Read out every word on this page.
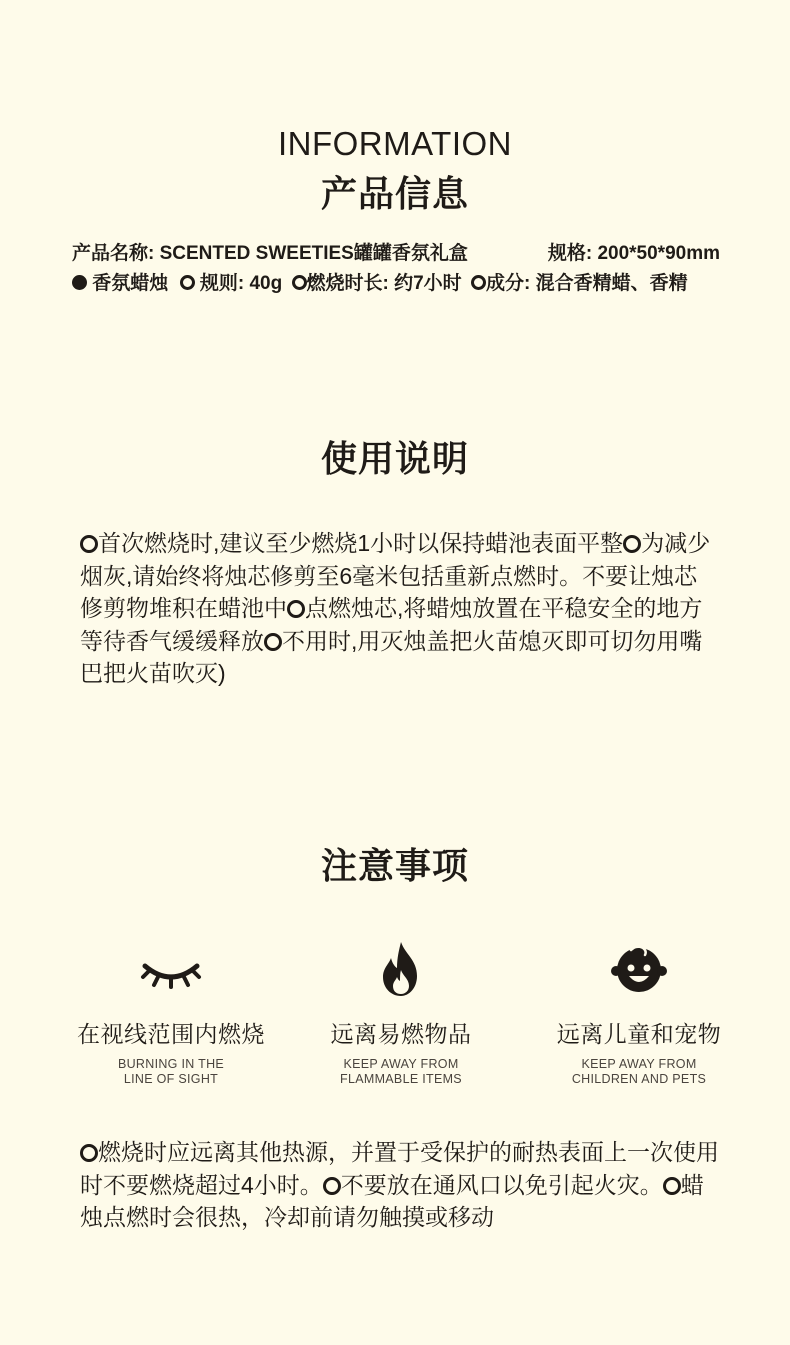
INFORMATION
产品信息
产品名称: SCENTED SWEETIES罐罐香氛礼盒	规格: 200*50*90mm
香氛蜡烛 规则: 40g 燃烧时长: 约7小时 成分: 混合香精蜡、香精
使用说明
首次燃烧时,建议至少燃烧1小时以保持蜡池表面平整 为减少烟灰,请始终将烛芯修剪至6毫米包括重新点燃时。不要让烛芯修剪物堆积在蜡池中 点燃烛芯,将蜡烛放置在平稳安全的地方等待香气缓缓释放 不用时,用灭烛盖把火苗熄灭即可切勿用嘴巴把火苗吹灭)
注意事项
在视线范围内燃烧
BURNING IN THE
LINE OF SIGHT
远离易燃物品
KEEP AWAY FROM
FLAMMABLE ITEMS
远离儿童和宠物
KEEP AWAY FROM
CHILDREN AND PETS
燃烧时应远离其他热源，并置于受保护的耐热表面上一次使用时不要燃烧超过4小时。 不要放在通风口以免引起火灾。 蜡烛点燃时会很热，冷却前请勿触摸或移动
